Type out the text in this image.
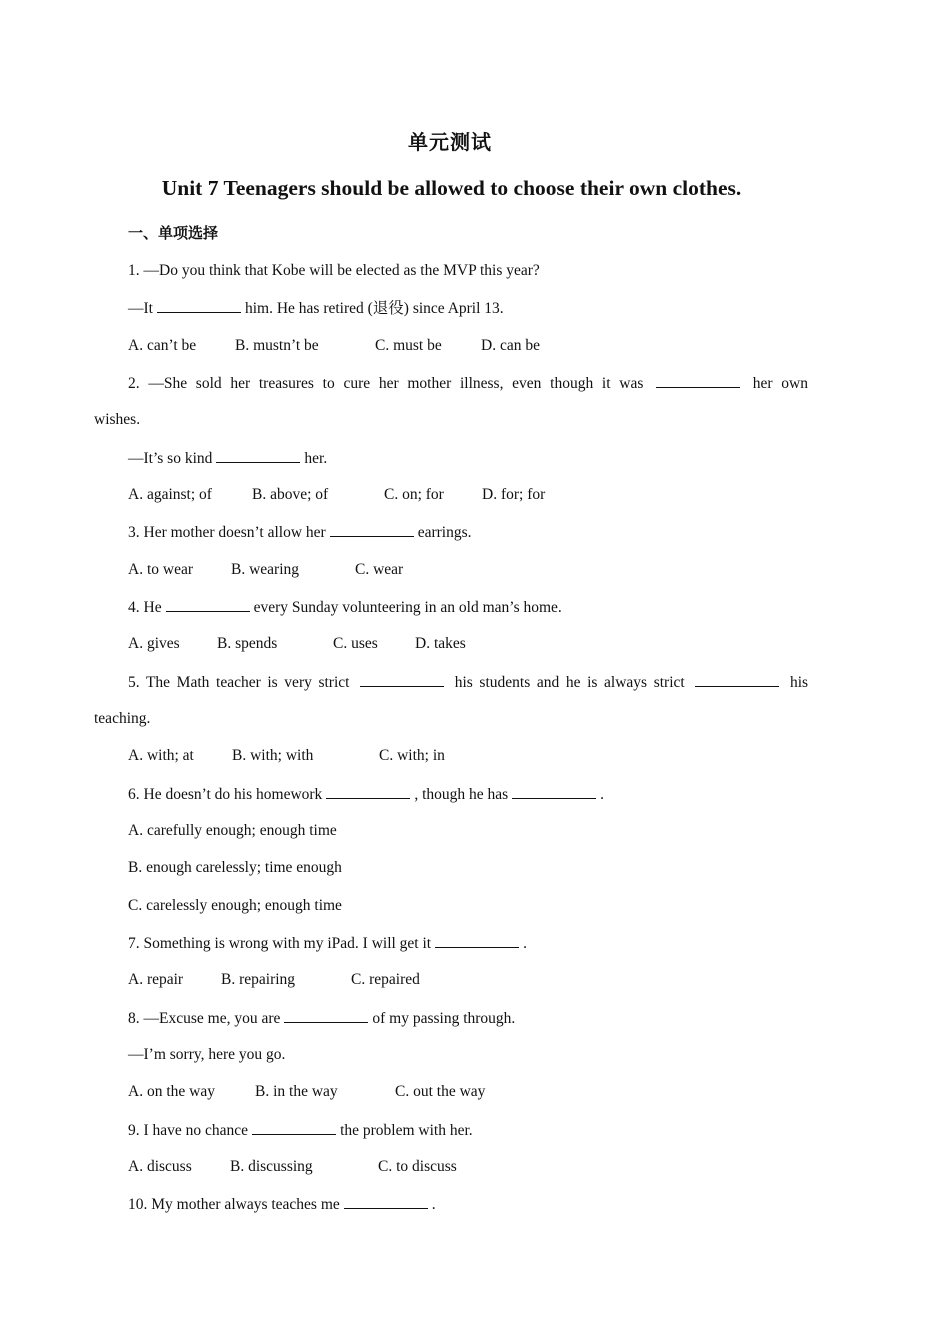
单元测试
Unit 7 Teenagers should be allowed to choose their own clothes.
一、单项选择
1. —Do you think that Kobe will be elected as the MVP this year?
—It	him. He has retired (退役) since April 13.
A. can’t be	B. mustn’t be	C. must be	D. can be
2. —She sold her treasures to cure her mother illness, even though it was	her own
wishes.
—It’s so kind	her.
A. against; of	B. above; of	C. on; for D. for; for
3. Her mother doesn’t allow her	earrings.
A. to wear B. wearing	C. wear
4. He	every Sunday volunteering in an old man’s home.
A. gives B. spends	C. uses D. takes
5. The Math teacher is very strict	his students and he is always strict	his
teaching.
A. with; at B. with; with	C. with; in
6. He doesn’t do his homework	, though he has	.
A. carefully enough; enough time
B. enough carelessly; time enough
C. carelessly enough; enough time
7. Something is wrong with my iPad. I will get it	.
A. repair B. repairing	C. repaired
8. —Excuse me, you are	of my passing through.
—I’m sorry, here you go.
A. on the way	B. in the way	C. out the way
9. I have no chance	the problem with her.
A. discuss B. discussing	C. to discuss
10. My mother always teaches me	.
